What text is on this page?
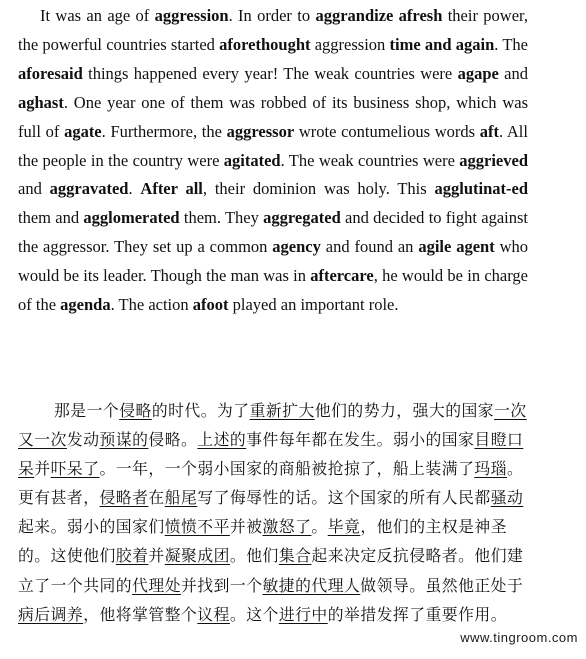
It was an age of aggression. In order to aggrandize afresh their power, the powerful countries started aforethought aggression time and again. The aforesaid things happened every year! The weak countries were agape and aghast. One year one of them was robbed of its business shop, which was full of agate. Furthermore, the aggressor wrote contumelious words aft. All the people in the country were agitated. The weak countries were aggrieved and aggravated. After all, their dominion was holy. This agglutinat-ed them and agglomerated them. They aggregated and decided to fight against the aggressor. They set up a common agency and found an agile agent who would be its leader. Though the man was in aftercare, he would be in charge of the agenda. The action afoot played an important role.

那是一个侵略的时代。为了重新扩大他们的势力，强大的国家一次又一次发动预谋的侵略。上述的事件每年都在发生。弱小的国家目瞪口呆并吓呆了。一年，一个弱小国家的商船被抢掠了，船上装满了玛瑙。更有甚者，侵略者在船尾写了侮辱性的话。这个国家的所有人民都骚动起来。弱小的国家们愤愤不平并被激怒了。毕竟，他们的主权是神圣的。这使他们胶着并凝聚成团。他们集合起来决定反抗侵略者。他们建立了一个共同的代理处并找到一个敏捷的代理人做领导。虽然他正处于病后调养，他将掌管整个议程。这个进行中的举措发挥了重要作用。

www.tingroom.com
